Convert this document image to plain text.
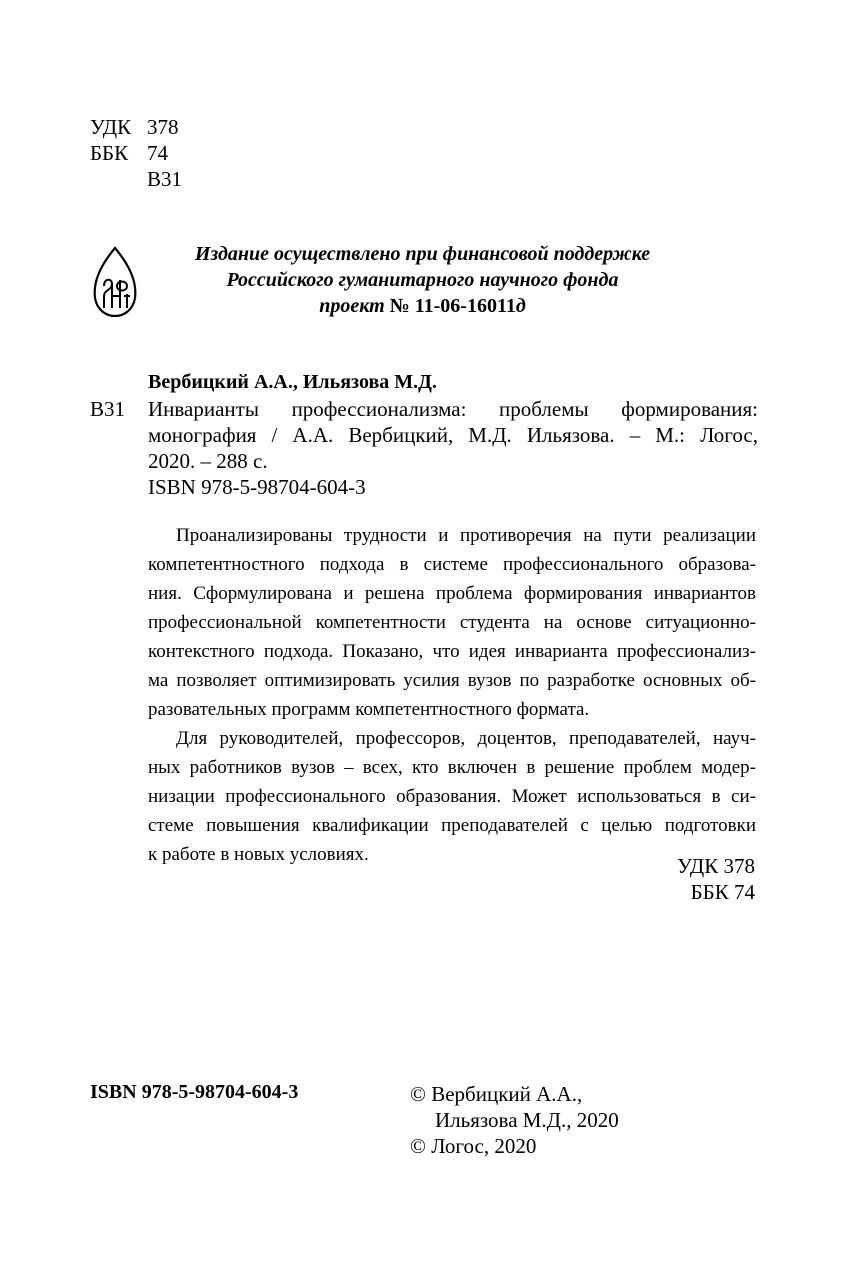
УДК 378
ББК 74
В31
Издание осуществлено при финансовой поддержке
Российского гуманитарного научного фонда
проект № 11-06-16011д
Вербицкий А.А., Ильязова М.Д.
В31 Инварианты профессионализма: проблемы формирования:
монография / А.А. Вербицкий, М.Д. Ильязова. – М.: Логос,
2020. – 288 с.
ISBN 978-5-98704-604-3
Проанализированы трудности и противоречия на пути реализации
компетентностного подхода в системе профессионального образова-
ния. Сформулирована и решена проблема формирования инвариантов
профессиональной компетентности студента на основе ситуационно-
контекстного подхода. Показано, что идея инварианта профессионализ-
ма позволяет оптимизировать усилия вузов по разработке основных об-
разовательных программ компетентностного формата.
Для руководителей, профессоров, доцентов, преподавателей, науч-
ных работников вузов – всех, кто включен в решение проблем модер-
низации профессионального образования. Может использоваться в си-
стеме повышения квалификации преподавателей с целью подготовки
к работе в новых условиях.	УДК 378
ББК 74
ISBN 978-5-98704-604-3	© Вербицкий А.А.,
Ильязова М.Д., 2020
© Логос, 2020
